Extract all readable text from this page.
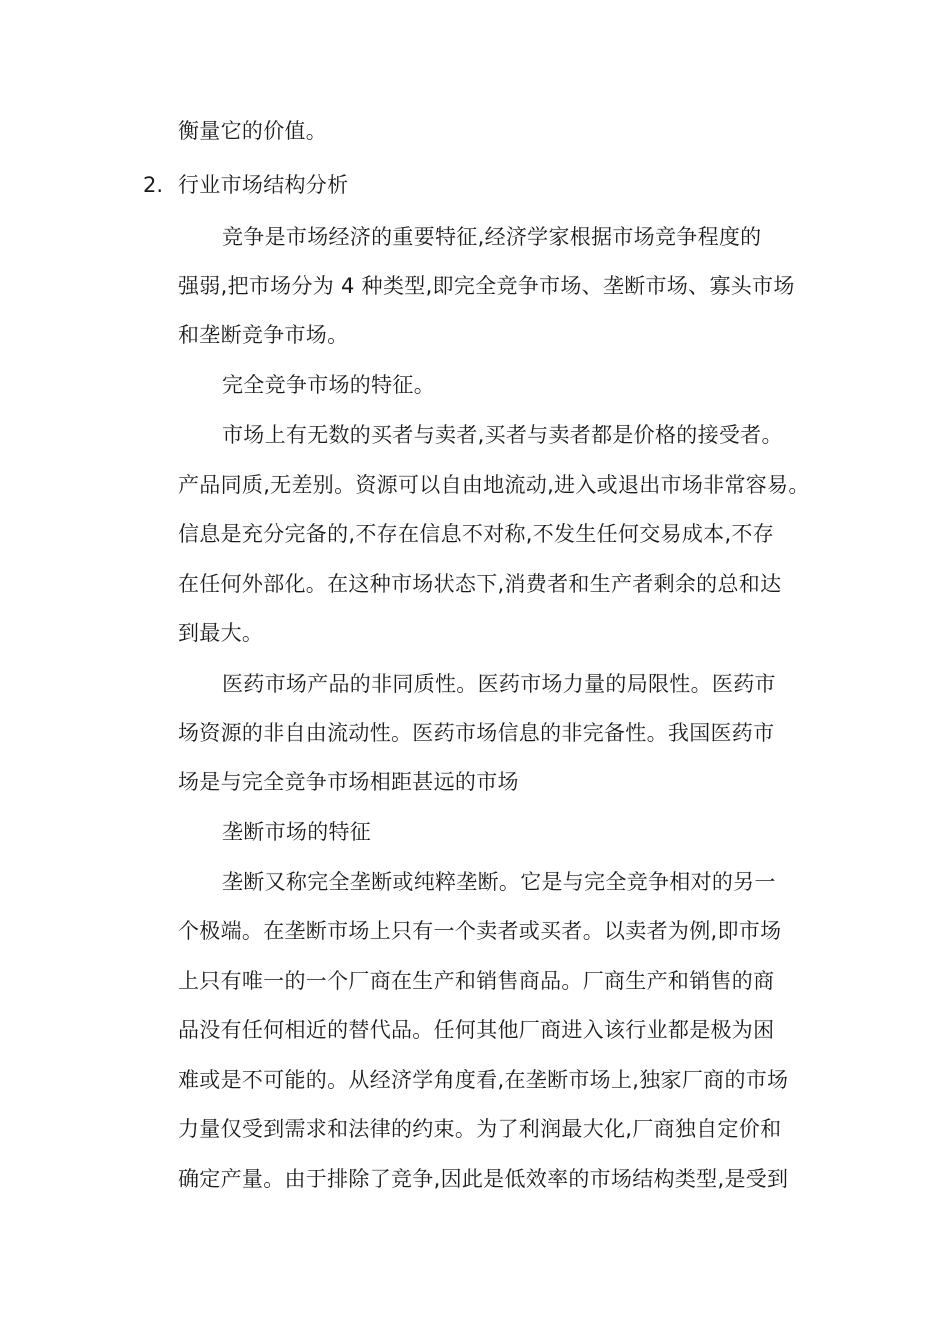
衡量它的价值。
2. 行业市场结构分析
竞争是市场经济的重要特征,经济学家根据市场竞争程度的
强弱,把市场分为 4 种类型,即完全竞争市场、垄断市场、寡头市场
和垄断竞争市场。
完全竞争市场的特征。
市场上有无数的买者与卖者,买者与卖者都是价格的接受者。
产品同质,无差别。资源可以自由地流动,进入或退出市场非常容易。
信息是充分完备的,不存在信息不对称,不发生任何交易成本,不存
在任何外部化。在这种市场状态下,消费者和生产者剩余的总和达
到最大。
医药市场产品的非同质性。医药市场力量的局限性。医药市
场资源的非自由流动性。医药市场信息的非完备性。我国医药市
场是与完全竞争市场相距甚远的市场
垄断市场的特征
垄断又称完全垄断或纯粹垄断。它是与完全竞争相对的另一
个极端。在垄断市场上只有一个卖者或买者。以卖者为例,即市场
上只有唯一的一个厂商在生产和销售商品。厂商生产和销售的商
品没有任何相近的替代品。任何其他厂商进入该行业都是极为困
难或是不可能的。从经济学角度看,在垄断市场上,独家厂商的市场
力量仅受到需求和法律的约束。为了利润最大化,厂商独自定价和
确定产量。由于排除了竞争,因此是低效率的市场结构类型,是受到
